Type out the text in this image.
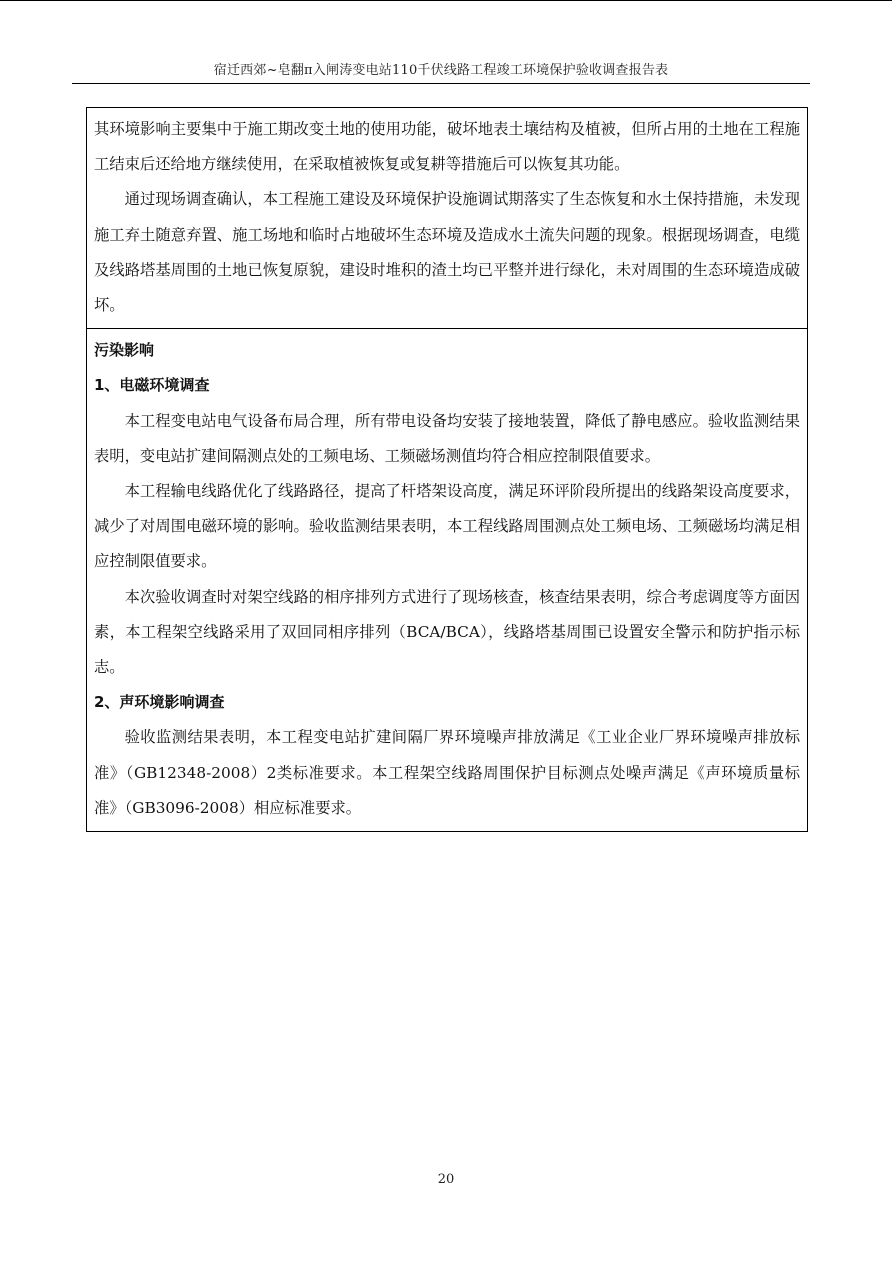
宿迁西郊~皂翻π入闸涛变电站110千伏线路工程竣工环境保护验收调查报告表

其环境影响主要集中于施工期改变土地的使用功能，破坏地表土壤结构及植被，但所占用的土地在工程施工结束后还给地方继续使用，在采取植被恢复或复耕等措施后可以恢复其功能。

通过现场调查确认，本工程施工建设及环境保护设施调试期落实了生态恢复和水土保持措施，未发现施工弃土随意弃置、施工场地和临时占地破坏生态环境及造成水土流失问题的现象。根据现场调查，电缆及线路塔基周围的土地已恢复原貌，建设时堆积的渣土均已平整并进行绿化，未对周围的生态环境造成破坏。

污染影响

1、电磁环境调查

本工程变电站电气设备布局合理，所有带电设备均安装了接地装置，降低了静电感应。验收监测结果表明，变电站扩建间隔测点处的工频电场、工频磁场测值均符合相应控制限值要求。

本工程输电线路优化了线路路径，提高了杆塔架设高度，满足环评阶段所提出的线路架设高度要求，减少了对周围电磁环境的影响。验收监测结果表明，本工程线路周围测点处工频电场、工频磁场均满足相应控制限值要求。

本次验收调查时对架空线路的相序排列方式进行了现场核查，核查结果表明，综合考虑调度等方面因素，本工程架空线路采用了双回同相序排列（BCA/BCA），线路塔基周围已设置安全警示和防护指示标志。

2、声环境影响调查

验收监测结果表明，本工程变电站扩建间隔厂界环境噪声排放满足《工业企业厂界环境噪声排放标准》（GB12348-2008）2类标准要求。本工程架空线路周围保护目标测点处噪声满足《声环境质量标准》（GB3096-2008）相应标准要求。

20
